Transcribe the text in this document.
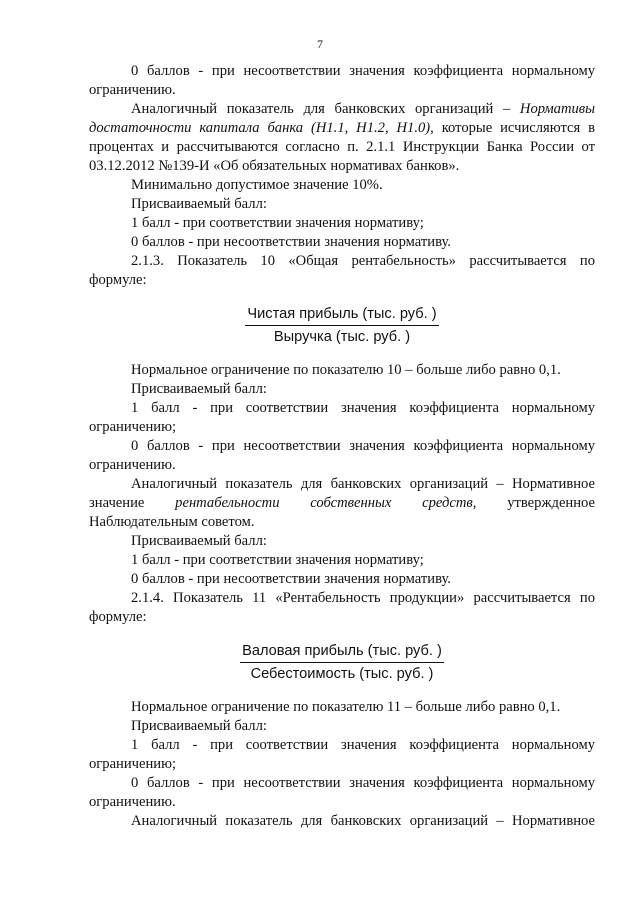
7

0 баллов - при несоответствии значения коэффициента нормальному ограничению.

Аналогичный показатель для банковских организаций – Нормативы достаточности капитала банка (Н1.1, Н1.2, Н1.0), которые исчисляются в процентах и рассчитываются согласно п. 2.1.1 Инструкции Банка России от 03.12.2012 №139-И «Об обязательных нормативах банков».

Минимально допустимое значение 10%.

Присваиваемый балл:

1 балл - при соответствии значения нормативу;

0 баллов - при несоответствии значения нормативу.

2.1.3. Показатель 10 «Общая рентабельность» рассчитывается по формуле:

$\frac{\text{Чистая прибыль (тыс. руб. )}}{\text{Выручка (тыс. руб. )}}$

Нормальное ограничение по показателю 10 – больше либо равно 0,1.

Присваиваемый балл:

1 балл - при соответствии значения коэффициента нормальному ограничению;

0 баллов - при несоответствии значения коэффициента нормальному ограничению.

Аналогичный показатель для банковских организаций – Нормативное значение рентабельности собственных средств, утвержденное Наблюдательным советом.

Присваиваемый балл:

1 балл - при соответствии значения нормативу;

0 баллов - при несоответствии значения нормативу.

2.1.4. Показатель 11 «Рентабельность продукции» рассчитывается по формуле:

$\frac{\text{Валовая прибыль (тыс. руб. )}}{\text{Себестоимость (тыс. руб. )}}$

Нормальное ограничение по показателю 11 – больше либо равно 0,1.

Присваиваемый балл:

1 балл - при соответствии значения коэффициента нормальному ограничению;

0 баллов - при несоответствии значения коэффициента нормальному ограничению.

Аналогичный показатель для банковских организаций – Нормативное
